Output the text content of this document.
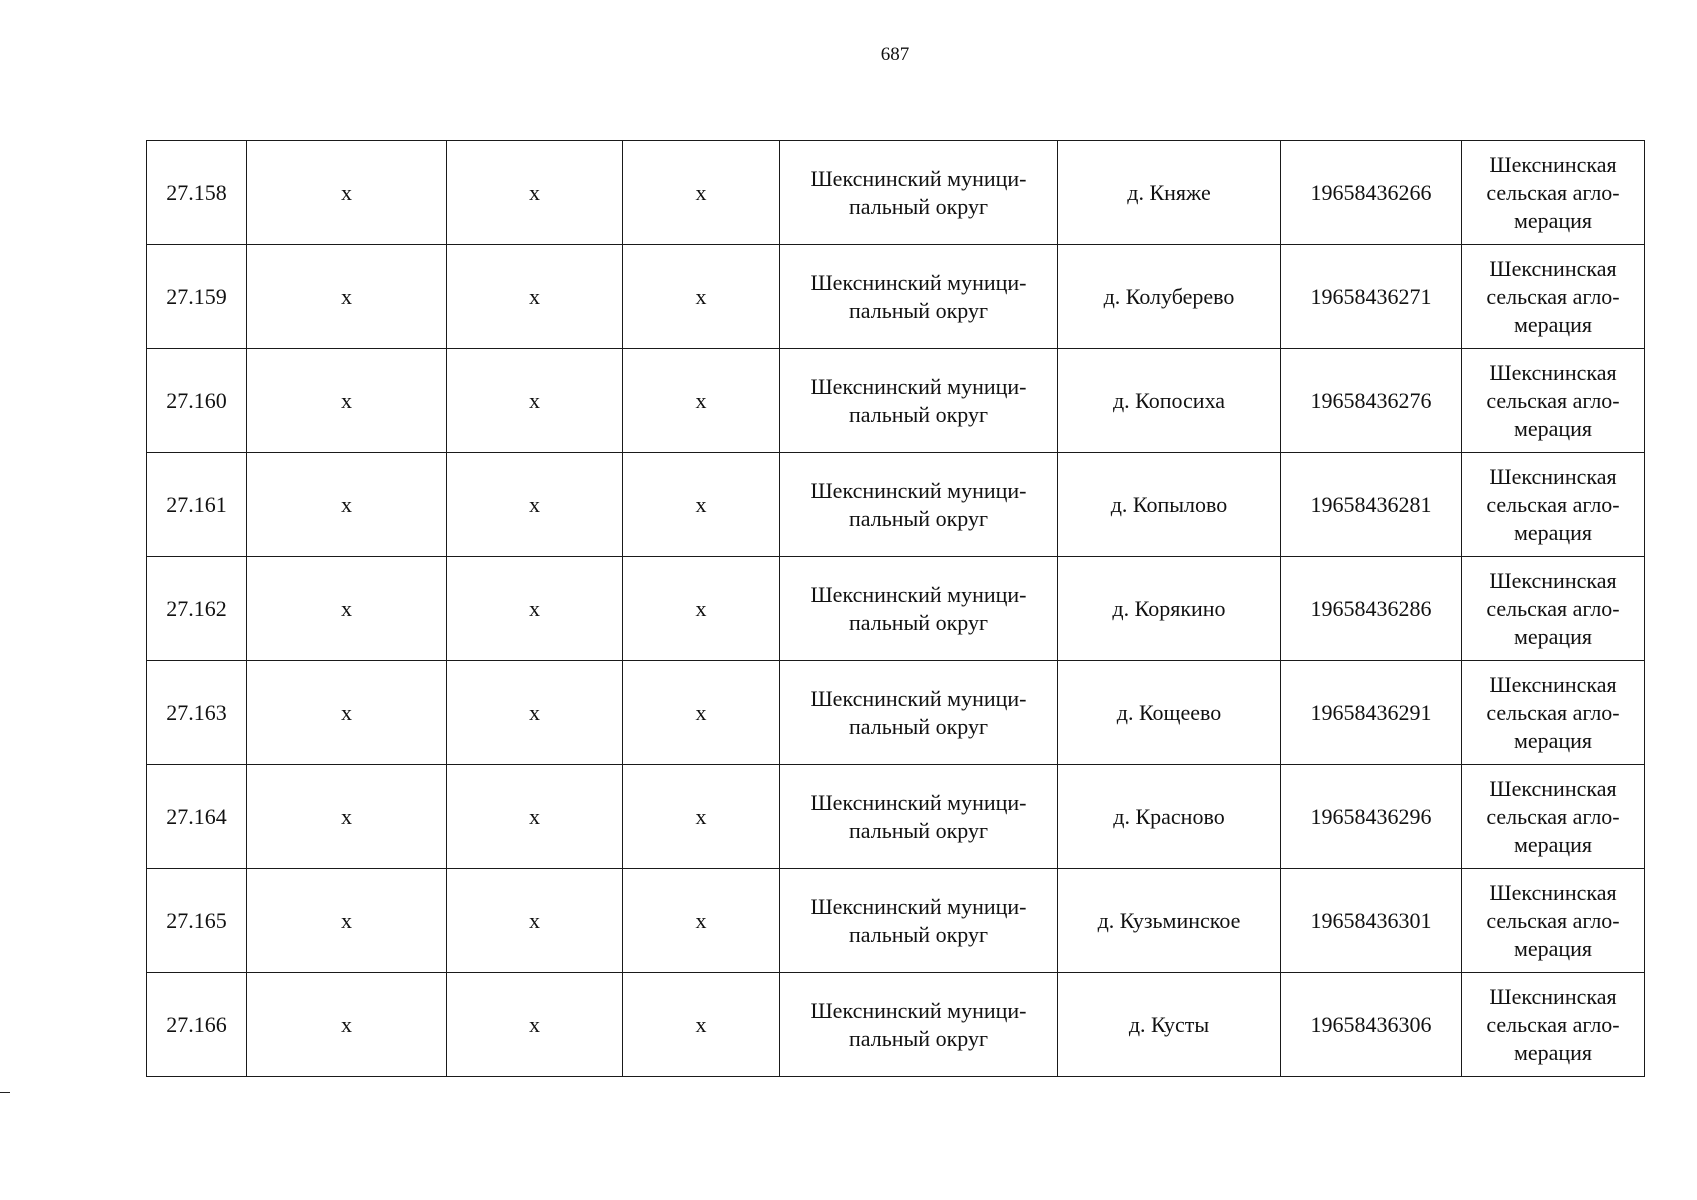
687
27.158	x	x	x	Шекснинский муници-
пальный округ	д. Княже	19658436266	Шекснинская
сельская агло-
мерация

27.159	x	x	x	Шекснинский муници-
пальный округ	д. Колуберево	19658436271	Шекснинская
сельская агло-
мерация

27.160	x	x	x	Шекснинский муници-
пальный округ	д. Копосиха	19658436276	Шекснинская
сельская агло-
мерация

27.161	x	x	x	Шекснинский муници-
пальный округ	д. Копылово	19658436281	Шекснинская
сельская агло-
мерация

27.162	x	x	x	Шекснинский муници-
пальный округ	д. Корякино	19658436286	Шекснинская
сельская агло-
мерация

27.163	x	x	x	Шекснинский муници-
пальный округ	д. Кощеево	19658436291	Шекснинская
сельская агло-
мерация

27.164	x	x	x	Шекснинский муници-
пальный округ	д. Красново	19658436296	Шекснинская
сельская агло-
мерация

27.165	x	x	x	Шекснинский муници-
пальный округ	д. Кузьминское	19658436301	Шекснинская
сельская агло-
мерация

27.166	x	x	x	Шекснинский муници-
пальный округ	д. Кусты	19658436306	Шекснинская
сельская агло-
мерация
